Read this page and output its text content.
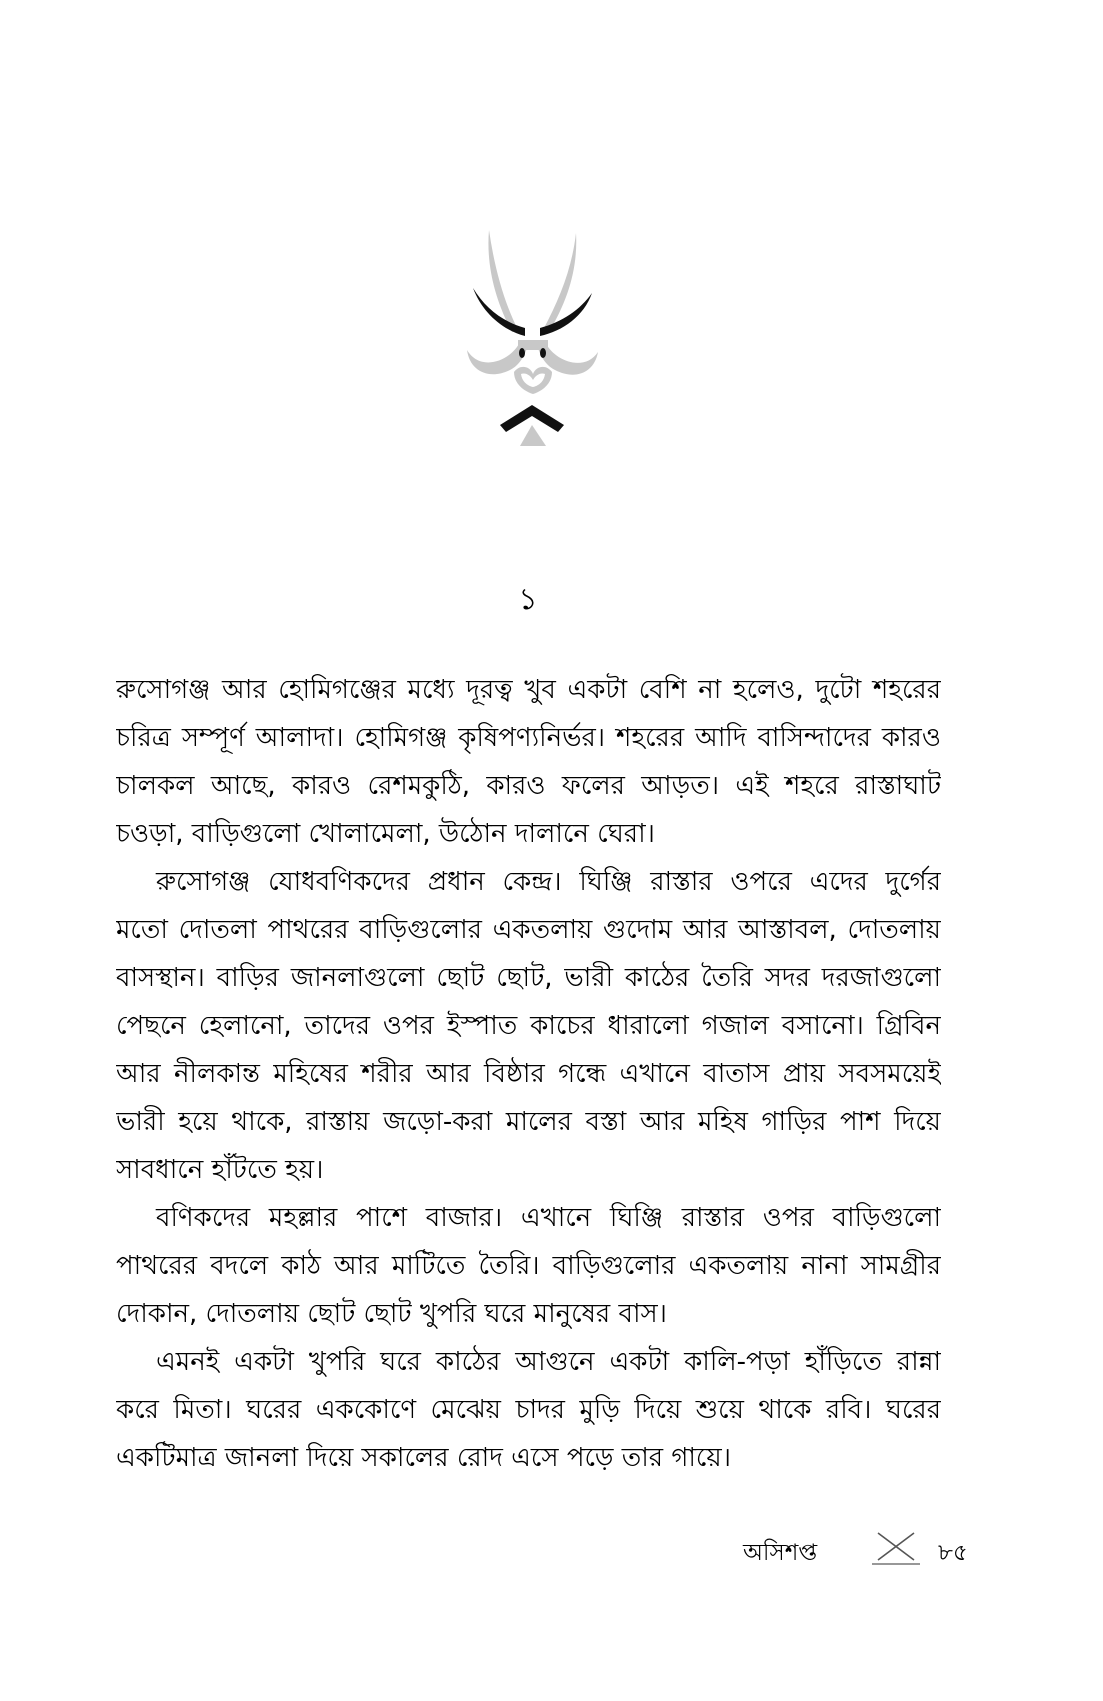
১
রুসোগঞ্জ আর হোমিগঞ্জের মধ্যে দূরত্ব খুব একটা বেশি না হলেও, দুটো শহরের
চরিত্র সম্পূর্ণ আলাদা। হোমিগঞ্জ কৃষিপণ্যনির্ভর। শহরের আদি বাসিন্দাদের কারও
চালকল আছে, কারও রেশমকুঠি, কারও ফলের আড়ত। এই শহরে রাস্তাঘাট
চওড়া, বাড়িগুলো খোলামেলা, উঠোন দালানে ঘেরা।
রুসোগঞ্জ যোধবণিকদের প্রধান কেন্দ্র। ঘিঞ্জি রাস্তার ওপরে এদের দুর্গের
মতো দোতলা পাথরের বাড়িগুলোর একতলায় গুদোম আর আস্তাবল, দোতলায়
বাসস্থান। বাড়ির জানলাগুলো ছোট ছোট, ভারী কাঠের তৈরি সদর দরজাগুলো
পেছনে হেলানো, তাদের ওপর ইস্পাত কাচের ধারালো গজাল বসানো। গ্রিবিন
আর নীলকান্ত মহিষের শরীর আর বিষ্ঠার গন্ধে এখানে বাতাস প্রায় সবসময়েই
ভারী হয়ে থাকে, রাস্তায় জড়ো-করা মালের বস্তা আর মহিষ গাড়ির পাশ দিয়ে
সাবধানে হাঁটতে হয়।
বণিকদের মহল্লার পাশে বাজার। এখানে ঘিঞ্জি রাস্তার ওপর বাড়িগুলো
পাথরের বদলে কাঠ আর মাটিতে তৈরি। বাড়িগুলোর একতলায় নানা সামগ্রীর
দোকান, দোতলায় ছোট ছোট খুপরি ঘরে মানুষের বাস।
এমনই একটা খুপরি ঘরে কাঠের আগুনে একটা কালি-পড়া হাঁড়িতে রান্না
করে মিতা। ঘরের এককোণে মেঝেয় চাদর মুড়ি দিয়ে শুয়ে থাকে রবি। ঘরের
একটিমাত্র জানলা দিয়ে সকালের রোদ এসে পড়ে তার গায়ে।
অসিশপ্ত	৮৫
